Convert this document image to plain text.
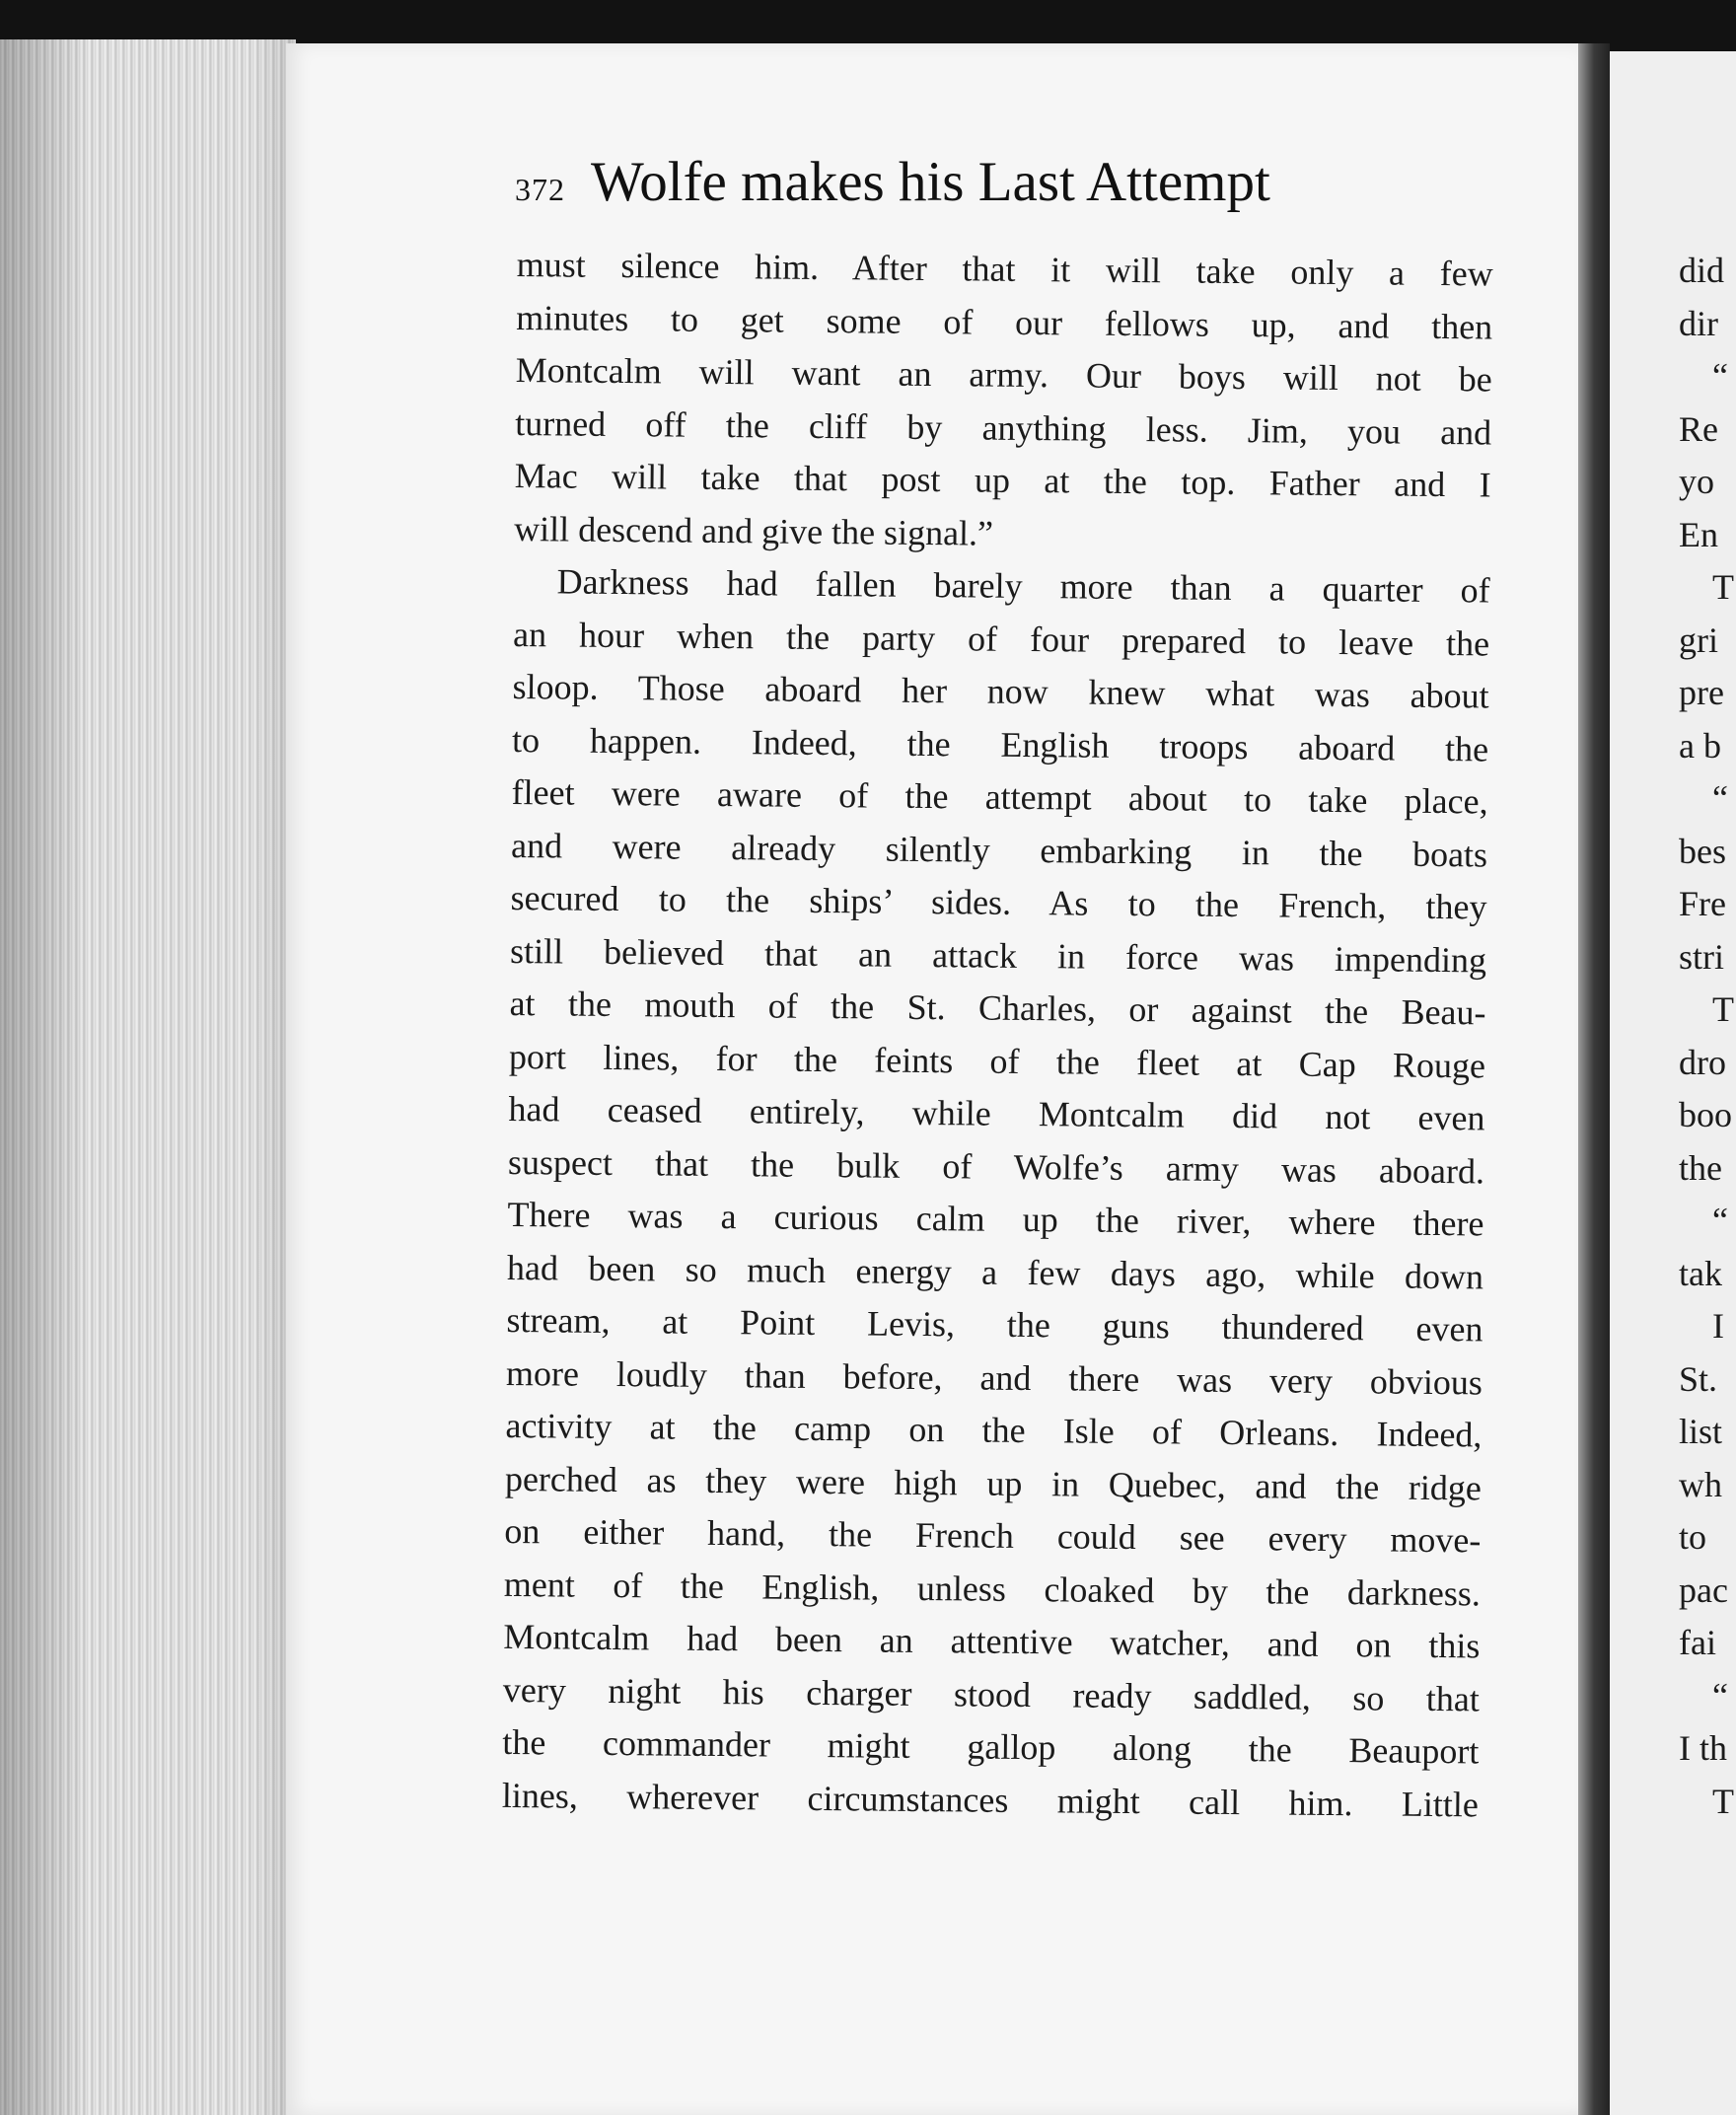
372 Wolfe makes his Last Attempt
must silence him. After that it will take only a few
minutes to get some of our fellows up, and then
Montcalm will want an army. Our boys will not be
turned off the cliff by anything less. Jim, you and
Mac will take that post up at the top. Father and I
will descend and give the signal.”
Darkness had fallen barely more than a quarter of
an hour when the party of four prepared to leave the
sloop. Those aboard her now knew what was about
to happen. Indeed, the English troops aboard the
fleet were aware of the attempt about to take place,
and were already silently embarking in the boats
secured to the ships’ sides. As to the French, they
still believed that an attack in force was impending
at the mouth of the St. Charles, or against the Beau-
port lines, for the feints of the fleet at Cap Rouge
had ceased entirely, while Montcalm did not even
suspect that the bulk of Wolfe’s army was aboard.
There was a curious calm up the river, where there
had been so much energy a few days ago, while down
stream, at Point Levis, the guns thundered even
more loudly than before, and there was very obvious
activity at the camp on the Isle of Orleans. Indeed,
perched as they were high up in Quebec, and the ridge
on either hand, the French could see every move-
ment of the English, unless cloaked by the darkness.
Montcalm had been an attentive watcher, and on this
very night his charger stood ready saddled, so that
the commander might gallop along the Beauport
lines, wherever circumstances might call him. Little
did
dir
“
Re
yo
En
T
gri
pre
a b
“
bes
Fre
stri
T
dro
boo
the
“
tak
I
St.
list
wh
to
pac
fai
“
I th
T
